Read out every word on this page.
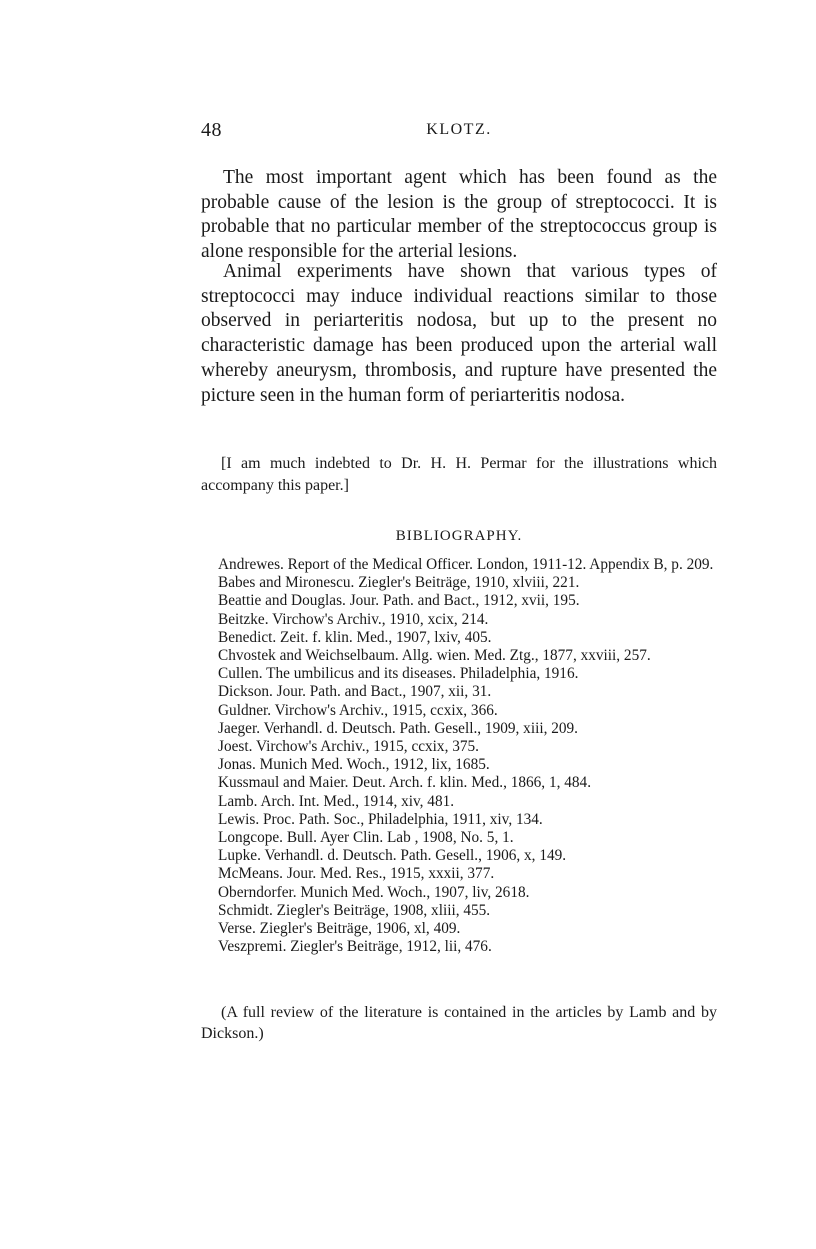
48	KLOTZ.

The most important agent which has been found as the probable cause of the lesion is the group of streptococci. It is probable that no particular member of the streptococcus group is alone responsible for the arterial lesions.

Animal experiments have shown that various types of streptococci may induce individual reactions similar to those observed in periarteritis nodosa, but up to the present no characteristic damage has been produced upon the arterial wall whereby aneurysm, thrombosis, and rupture have presented the picture seen in the human form of periarteritis nodosa.

[I am much indebted to Dr. H. H. Permar for the illustrations which accompany this paper.]

BIBLIOGRAPHY.
Andrewes. Report of the Medical Officer. London, 1911-12. Appendix B, p. 209.
Babes and Mironescu. Ziegler's Beiträge, 1910, xlviii, 221.
Beattie and Douglas. Jour. Path. and Bact., 1912, xvii, 195.
Beitzke. Virchow's Archiv., 1910, xcix, 214.
Benedict. Zeit. f. klin. Med., 1907, lxiv, 405.
Chvostek and Weichselbaum. Allg. wien. Med. Ztg., 1877, xxviii, 257.
Cullen. The umbilicus and its diseases. Philadelphia, 1916.
Dickson. Jour. Path. and Bact., 1907, xii, 31.
Guldner. Virchow's Archiv., 1915, ccxix, 366.
Jaeger. Verhandl. d. Deutsch. Path. Gesell., 1909, xiii, 209.
Joest. Virchow's Archiv., 1915, ccxix, 375.
Jonas. Munich Med. Woch., 1912, lix, 1685.
Kussmaul and Maier. Deut. Arch. f. klin. Med., 1866, 1, 484.
Lamb. Arch. Int. Med., 1914, xiv, 481.
Lewis. Proc. Path. Soc., Philadelphia, 1911, xiv, 134.
Longcope. Bull. Ayer Clin. Lab , 1908, No. 5, 1.
Lupke. Verhandl. d. Deutsch. Path. Gesell., 1906, x, 149.
McMeans. Jour. Med. Res., 1915, xxxii, 377.
Oberndorfer. Munich Med. Woch., 1907, liv, 2618.
Schmidt. Ziegler's Beiträge, 1908, xliii, 455.
Verse. Ziegler's Beiträge, 1906, xl, 409.
Veszpremi. Ziegler's Beiträge, 1912, lii, 476.

(A full review of the literature is contained in the articles by Lamb and by Dickson.)
